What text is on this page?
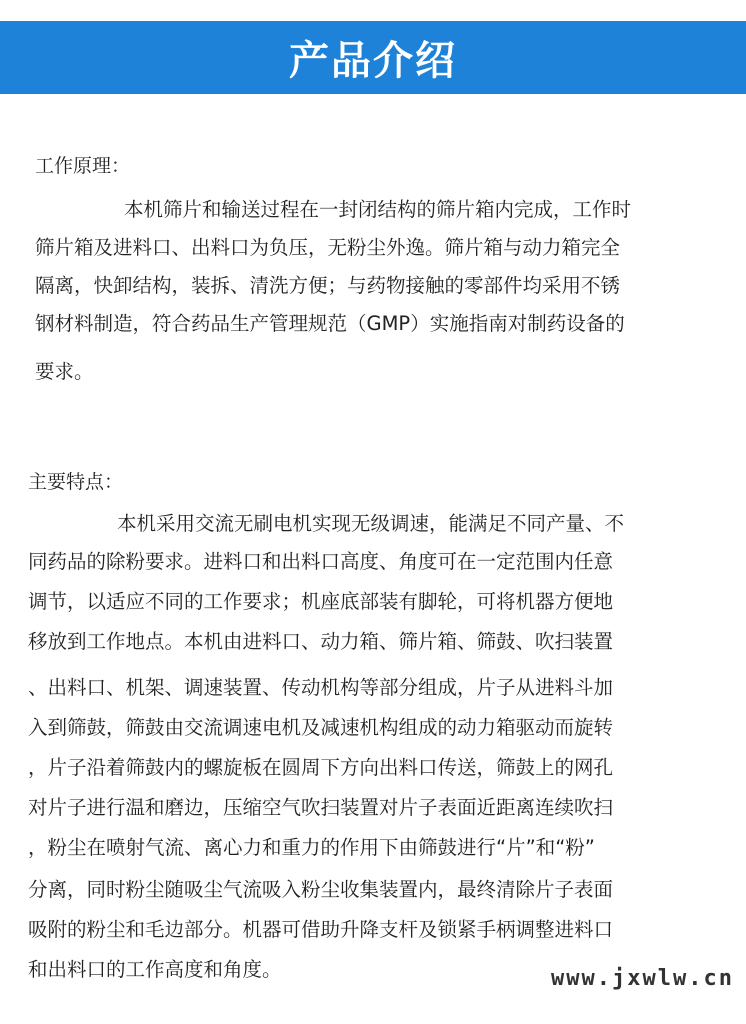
产品介绍
工作原理：
本机筛片和输送过程在一封闭结构的筛片箱内完成，工作时
筛片箱及进料口、出料口为负压，无粉尘外逸。筛片箱与动力箱完全
隔离，快卸结构，装拆、清洗方便；与药物接触的零部件均采用不锈
钢材料制造，符合药品生产管理规范（GMP）实施指南对制药设备的
要求。
主要特点：
本机采用交流无刷电机实现无级调速，能满足不同产量、不
同药品的除粉要求。进料口和出料口高度、角度可在一定范围内任意
调节，以适应不同的工作要求；机座底部装有脚轮，可将机器方便地
移放到工作地点。本机由进料口、动力箱、筛片箱、筛鼓、吹扫装置
、出料口、机架、调速装置、传动机构等部分组成，片子从进料斗加
入到筛鼓，筛鼓由交流调速电机及减速机构组成的动力箱驱动而旋转
，片子沿着筛鼓内的螺旋板在圆周下方向出料口传送，筛鼓上的网孔
对片子进行温和磨边，压缩空气吹扫装置对片子表面近距离连续吹扫
，粉尘在喷射气流、离心力和重力的作用下由筛鼓进行“片”和“粉”
分离，同时粉尘随吸尘气流吸入粉尘收集装置内，最终清除片子表面
吸附的粉尘和毛边部分。机器可借助升降支杆及锁紧手柄调整进料口
和出料口的工作高度和角度。	www.jxwlw.cn
